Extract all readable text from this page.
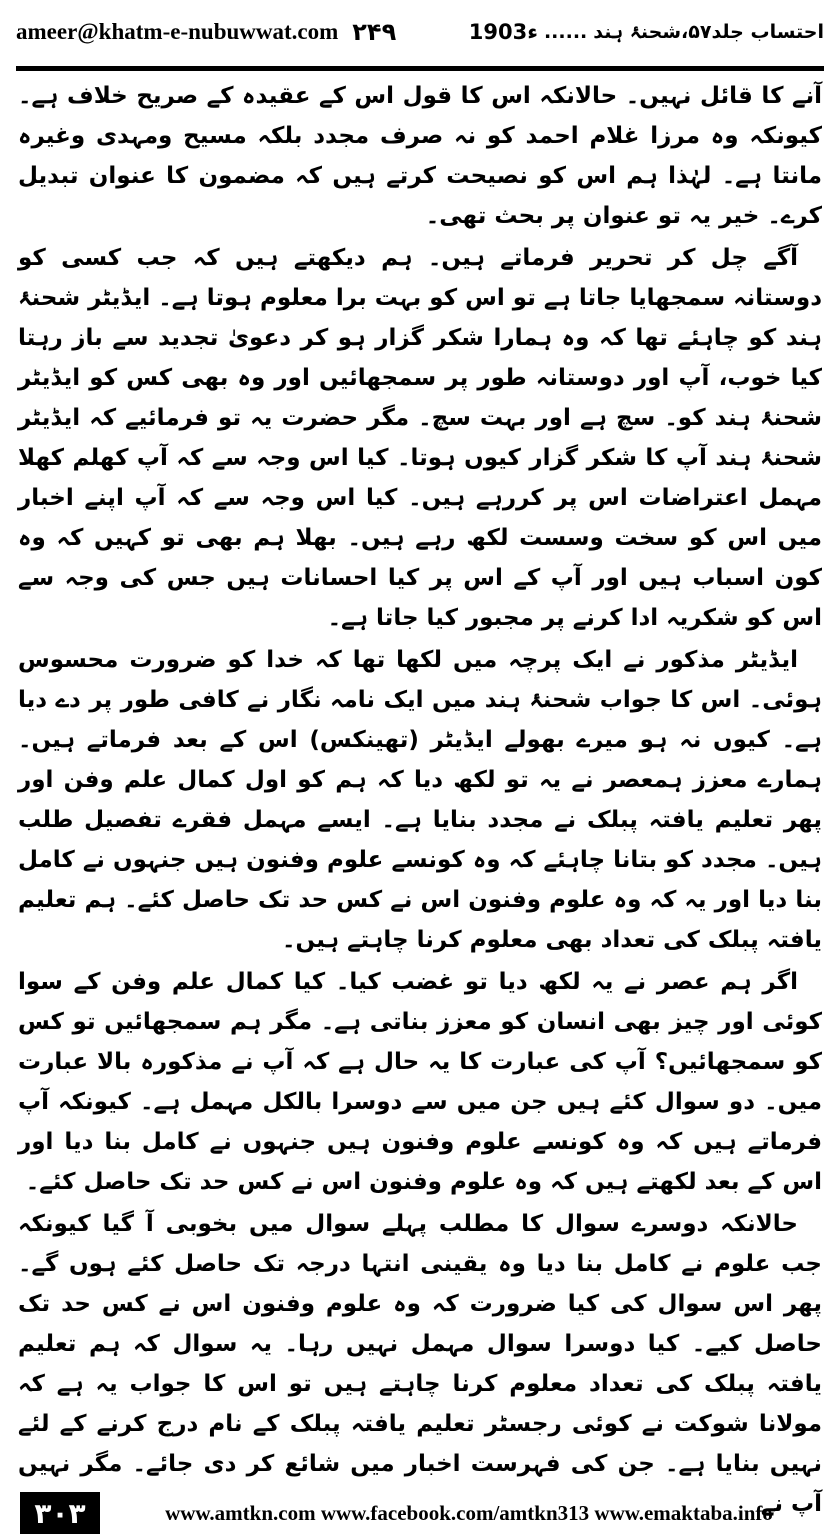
ameer@khatm-e-nubuwwat.com ۲۴۹	احتساب جلد۵۷،شحنۂ ہند
......
1903ء

آنے کا قائل نہیں۔ حالانکہ اس کا قول اس کے عقیدہ کے صریح خلاف ہے۔ کیونکہ وہ مرزا غلام احمد کو نہ صرف مجدد بلکہ مسیح ومہدی وغیرہ مانتا ہے۔ لہٰذا ہم اس کو نصیحت کرتے ہیں کہ مضمون کا عنوان تبدیل کرے۔ خیر یہ تو عنوان پر بحث تھی۔

آگے چل کر تحریر فرماتے ہیں۔ ہم دیکھتے ہیں کہ جب کسی کو دوستانہ سمجھایا جاتا ہے تو اس کو بہت برا معلوم ہوتا ہے۔ ایڈیٹر شحنۂ ہند کو چاہئے تھا کہ وہ ہمارا شکر گزار ہو کر دعویٰ تجدید سے باز رہتا کیا خوب، آپ اور دوستانہ طور پر سمجھائیں اور وہ بھی کس کو ایڈیٹر شحنۂ ہند کو۔ سچ ہے اور بہت سچ۔ مگر حضرت یہ تو فرمائیے کہ ایڈیٹر شحنۂ ہند آپ کا شکر گزار کیوں ہوتا۔ کیا اس وجہ سے کہ آپ کھلم کھلا مہمل اعتراضات اس پر کررہے ہیں۔ کیا اس وجہ سے کہ آپ اپنے اخبار میں اس کو سخت وسست لکھ رہے ہیں۔ بھلا ہم بھی تو کہیں کہ وہ کون اسباب ہیں اور آپ کے اس پر کیا احسانات ہیں جس کی وجہ سے اس کو شکریہ ادا کرنے پر مجبور کیا جاتا ہے۔

ایڈیٹر مذکور نے ایک پرچہ میں لکھا تھا کہ خدا کو ضرورت محسوس ہوئی۔ اس کا جواب شحنۂ ہند میں ایک نامہ نگار نے کافی طور پر دے دیا ہے۔ کیوں نہ ہو میرے بھولے ایڈیٹر (تھینکس) اس کے بعد فرماتے ہیں۔ ہمارے معزز ہمعصر نے یہ تو لکھ دیا کہ ہم کو اول کمال علم وفن اور پھر تعلیم یافتہ پبلک نے مجدد بنایا ہے۔ ایسے مہمل فقرے تفصیل طلب ہیں۔ مجدد کو بتانا چاہئے کہ وہ کونسے علوم وفنون ہیں جنہوں نے کامل بنا دیا اور یہ کہ وہ علوم وفنون اس نے کس حد تک حاصل کئے۔ ہم تعلیم یافتہ پبلک کی تعداد بھی معلوم کرنا چاہتے ہیں۔

اگر ہم عصر نے یہ لکھ دیا تو غضب کیا۔ کیا کمال علم وفن کے سوا کوئی اور چیز بھی انسان کو معزز بناتی ہے۔ مگر ہم سمجھائیں تو کس کو سمجھائیں؟ آپ کی عبارت کا یہ حال ہے کہ آپ نے مذکورہ بالا عبارت میں۔ دو سوال کئے ہیں جن میں سے دوسرا بالکل مہمل ہے۔ کیونکہ آپ فرماتے ہیں کہ وہ کونسے علوم وفنون ہیں جنہوں نے کامل بنا دیا اور اس کے بعد لکھتے ہیں کہ وہ علوم وفنون اس نے کس حد تک حاصل کئے۔

حالانکہ دوسرے سوال کا مطلب پہلے سوال میں بخوبی آ گیا کیونکہ جب علوم نے کامل بنا دیا وہ یقینی انتہا درجہ تک حاصل کئے ہوں گے۔ پھر اس سوال کی کیا ضرورت کہ وہ علوم وفنون اس نے کس حد تک حاصل کیے۔ کیا دوسرا سوال مہمل نہیں رہا۔ یہ سوال کہ ہم تعلیم یافتہ پبلک کی تعداد معلوم کرنا چاہتے ہیں تو اس کا جواب یہ ہے کہ مولانا شوکت نے کوئی رجسٹر تعلیم یافتہ پبلک کے نام درج کرنے کے لئے نہیں بنایا ہے۔ جن کی فہرست اخبار میں شائع کر دی جائے۔ مگر نہیں آپ نے

۳۰۳	www.amtkn.com www.facebook.com/amtkn313 www.emaktaba.info
